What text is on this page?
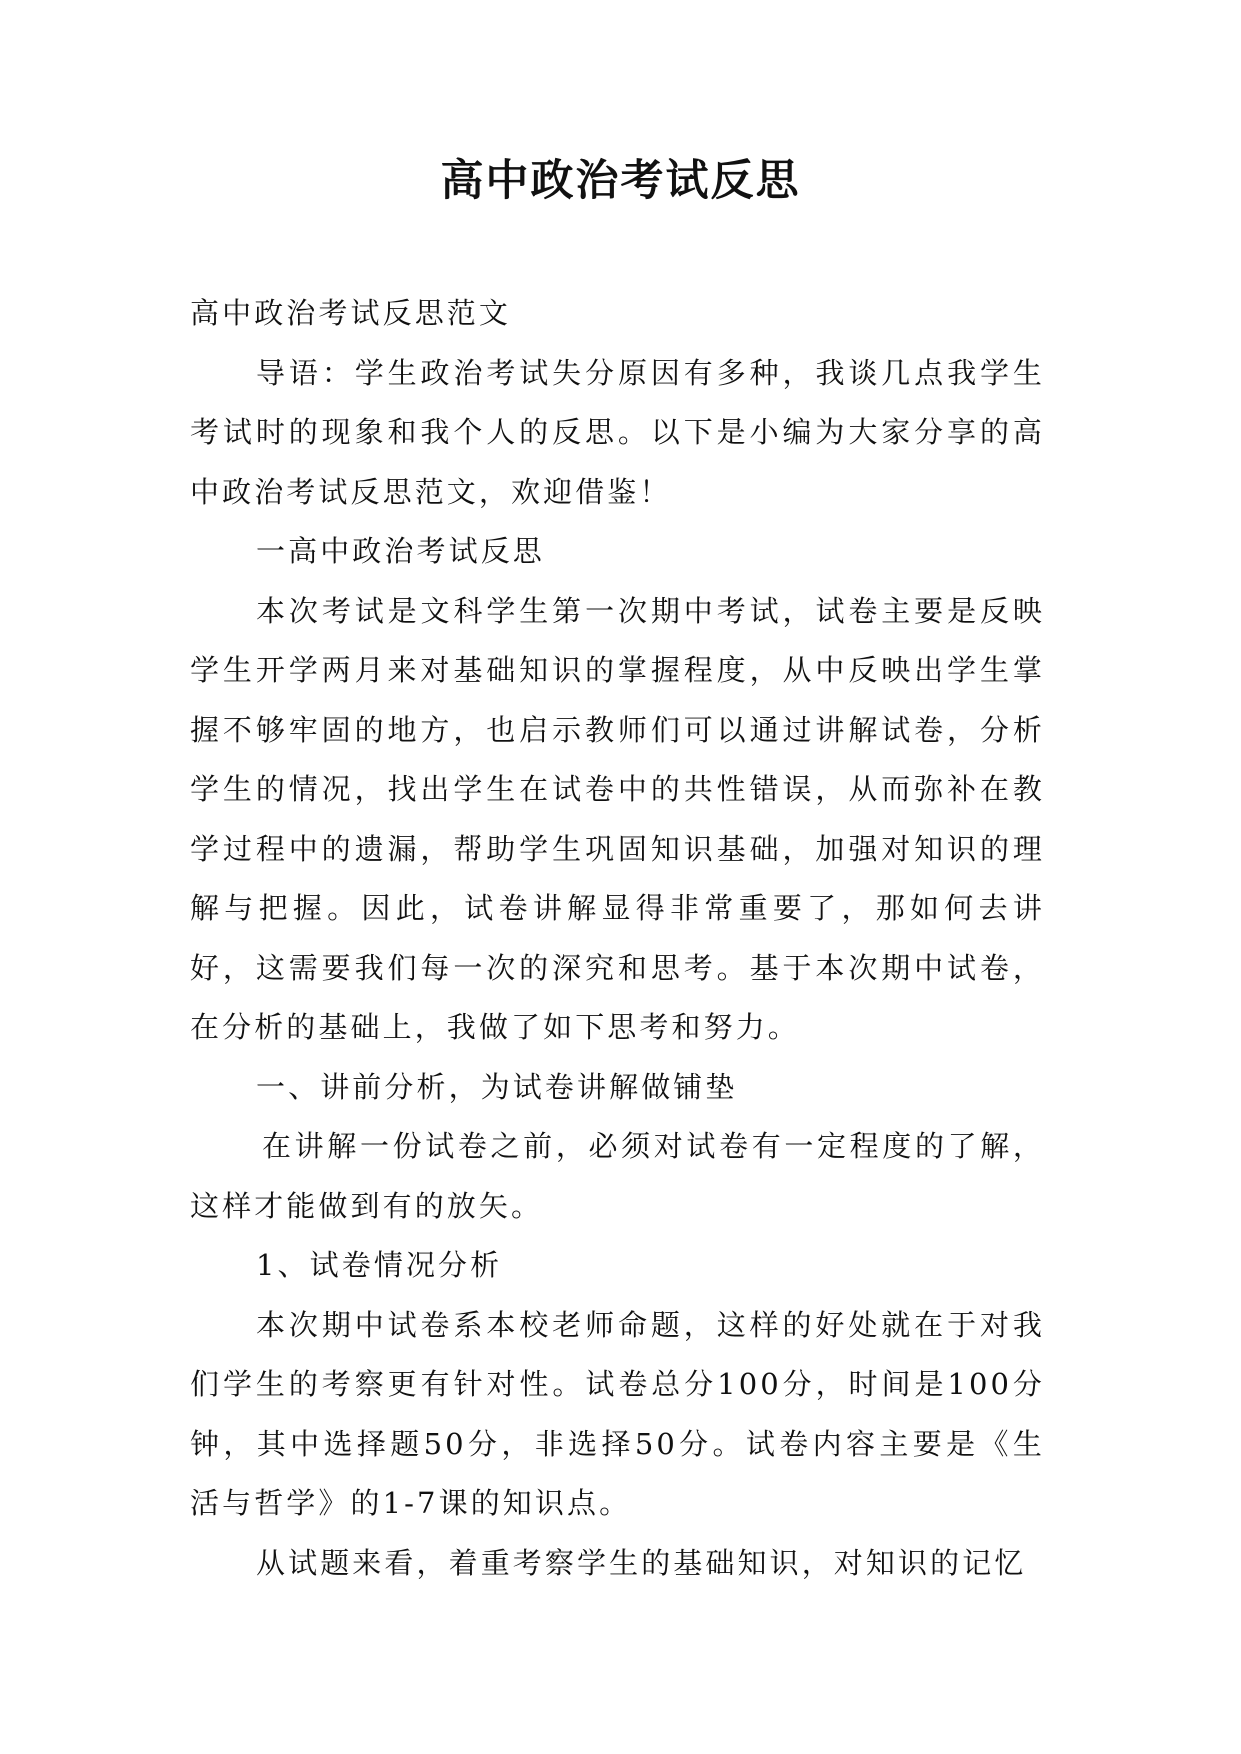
高中政治考试反思

高中政治考试反思范文

导语：学生政治考试失分原因有多种，我谈几点我学生考试时的现象和我个人的反思。以下是小编为大家分享的高中政治考试反思范文，欢迎借鉴！

一高中政治考试反思

本次考试是文科学生第一次期中考试，试卷主要是反映学生开学两月来对基础知识的掌握程度，从中反映出学生掌握不够牢固的地方，也启示教师们可以通过讲解试卷，分析学生的情况，找出学生在试卷中的共性错误，从而弥补在教学过程中的遗漏，帮助学生巩固知识基础，加强对知识的理解与把握。因此，试卷讲解显得非常重要了，那如何去讲好，这需要我们每一次的深究和思考。基于本次期中试卷，在分析的基础上，我做了如下思考和努力。

一、讲前分析，为试卷讲解做铺垫

在讲解一份试卷之前，必须对试卷有一定程度的了解，这样才能做到有的放矢。

1、试卷情况分析

本次期中试卷系本校老师命题，这样的好处就在于对我们学生的考察更有针对性。试卷总分100分，时间是100分钟，其中选择题50分，非选择50分。试卷内容主要是《生活与哲学》的1-7课的知识点。

从试题来看，着重考察学生的基础知识，对知识的记忆
